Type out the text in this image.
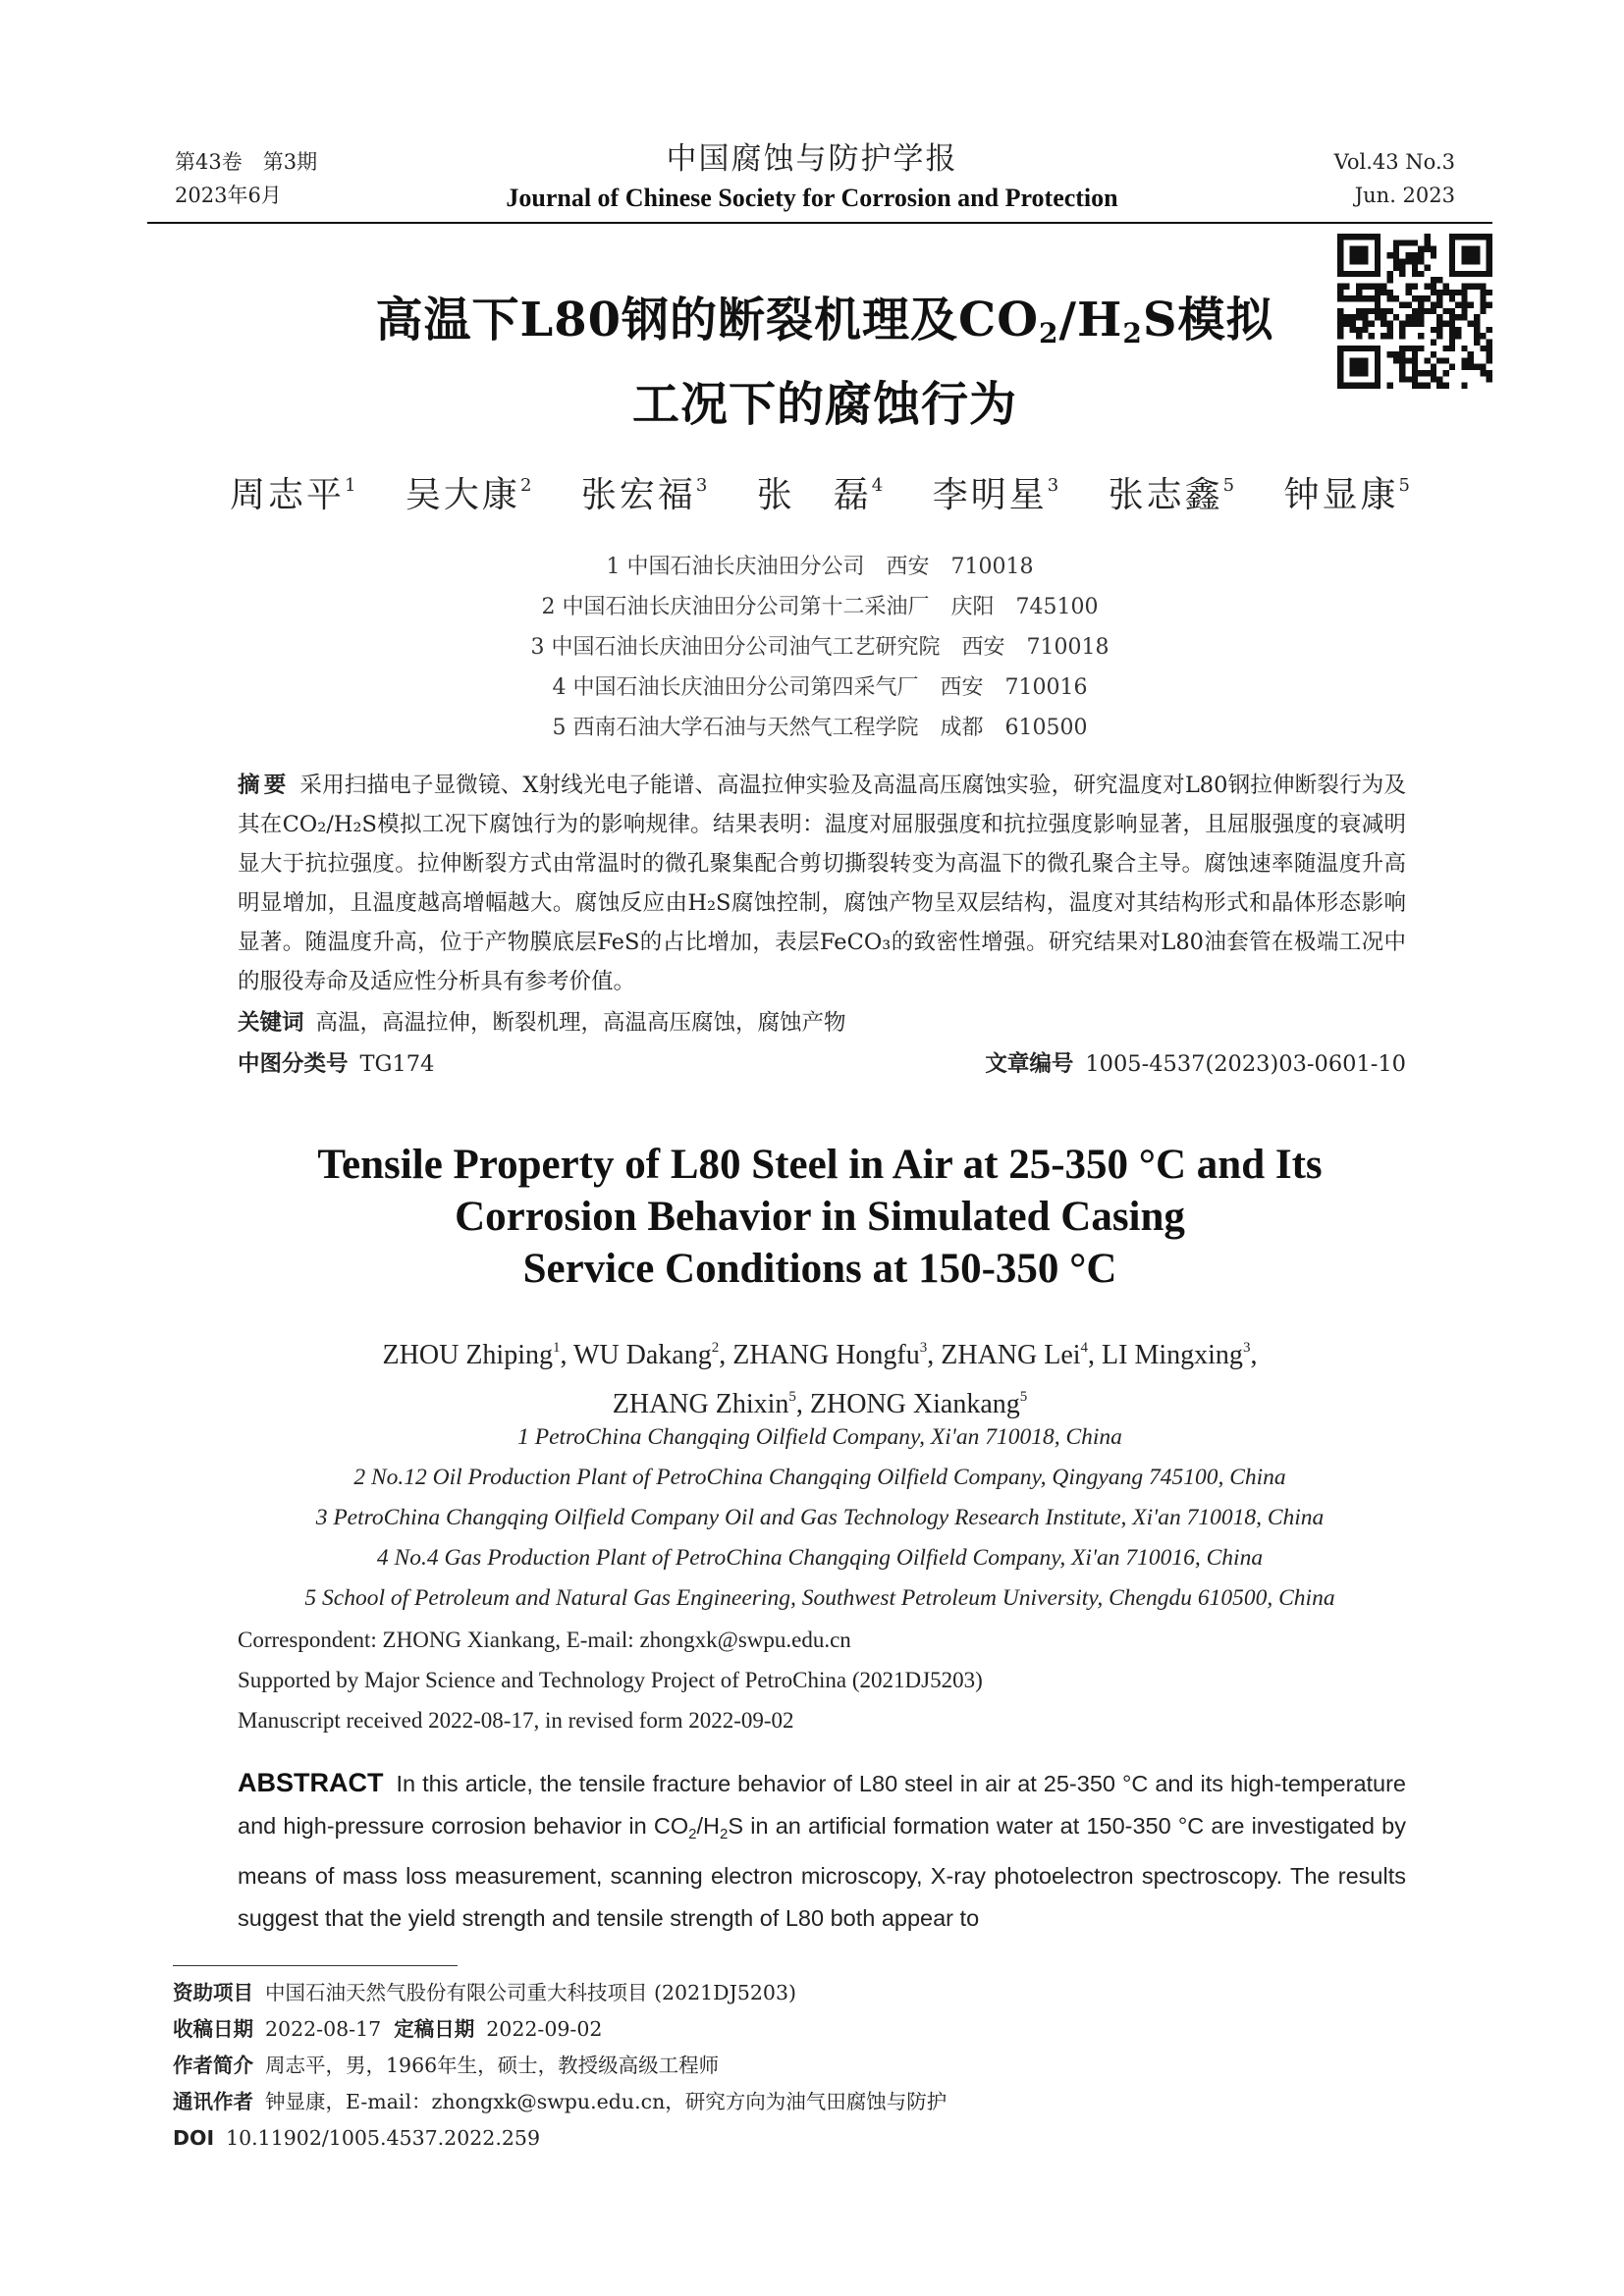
第43卷　第3期
2023年6月
中国腐蚀与防护学报
Journal of Chinese Society for Corrosion and Protection
Vol.43 No.3
Jun. 2023
高温下L80钢的断裂机理及$CO_2/H_2S$模拟
工况下的腐蚀行为
周志平$^1$ 吴大康$^2$ 张宏福$^3$ 张　磊$^4$ 李明星$^3$ 张志鑫$^5$ 钟显康$^5$
1 中国石油长庆油田分公司　西安　710018
2 中国石油长庆油田分公司第十二采油厂　庆阳　745100
3 中国石油长庆油田分公司油气工艺研究院　西安　710018
4 中国石油长庆油田分公司第四采气厂　西安　710016
5 西南石油大学石油与天然气工程学院　成都　610500
摘要 采用扫描电子显微镜、X射线光电子能谱、高温拉伸实验及高温高压腐蚀实验，研究温度对L80钢拉伸断裂行为及其在CO₂/H₂S模拟工况下腐蚀行为的影响规律。结果表明：温度对屈服强度和抗拉强度影响显著，且屈服强度的衰减明显大于抗拉强度。拉伸断裂方式由常温时的微孔聚集配合剪切撕裂转变为高温下的微孔聚合主导。腐蚀速率随温度升高明显增加，且温度越高增幅越大。腐蚀反应由H₂S腐蚀控制，腐蚀产物呈双层结构，温度对其结构形式和晶体形态影响显著。随温度升高，位于产物膜底层FeS的占比增加，表层FeCO₃的致密性增强。研究结果对L80油套管在极端工况中的服役寿命及适应性分析具有参考价值。
关键词 高温，高温拉伸，断裂机理，高温高压腐蚀，腐蚀产物
中图分类号 TG174	文章编号 1005-4537(2023)03-0601-10
Tensile Property of L80 Steel in Air at 25-350 °C and Its
Corrosion Behavior in Simulated Casing
Service Conditions at 150-350 °C
ZHOU Zhiping$^1$, WU Dakang$^2$, ZHANG Hongfu$^3$, ZHANG Lei$^4$, LI Mingxing$^3$,
ZHANG Zhixin$^5$, ZHONG Xiankang$^5$
1 PetroChina Changqing Oilfield Company, Xi'an 710018, China
2 No.12 Oil Production Plant of PetroChina Changqing Oilfield Company, Qingyang 745100, China
3 PetroChina Changqing Oilfield Company Oil and Gas Technology Research Institute, Xi'an 710018, China
4 No.4 Gas Production Plant of PetroChina Changqing Oilfield Company, Xi'an 710016, China
5 School of Petroleum and Natural Gas Engineering, Southwest Petroleum University, Chengdu 610500, China
Correspondent: ZHONG Xiankang, E-mail: zhongxk@swpu.edu.cn
Supported by Major Science and Technology Project of PetroChina (2021DJ5203)
Manuscript received 2022-08-17, in revised form 2022-09-02
ABSTRACT In this article, the tensile fracture behavior of L80 steel in air at 25-350 °C and its high-temperature and high-pressure corrosion behavior in $CO_2/H_2S$ in an artificial formation water at 150-350 °C are investigated by means of mass loss measurement, scanning electron microscopy, X-ray photoelectron spectroscopy. The results suggest that the yield strength and tensile strength of L80 both appear to
资助项目 中国石油天然气股份有限公司重大科技项目 (2021DJ5203)
收稿日期 2022-08-17 定稿日期 2022-09-02
作者简介 周志平，男，1966年生，硕士，教授级高级工程师
通讯作者 钟显康，E-mail：zhongxk@swpu.edu.cn，研究方向为油气田腐蚀与防护
DOI 10.11902/1005.4537.2022.259
